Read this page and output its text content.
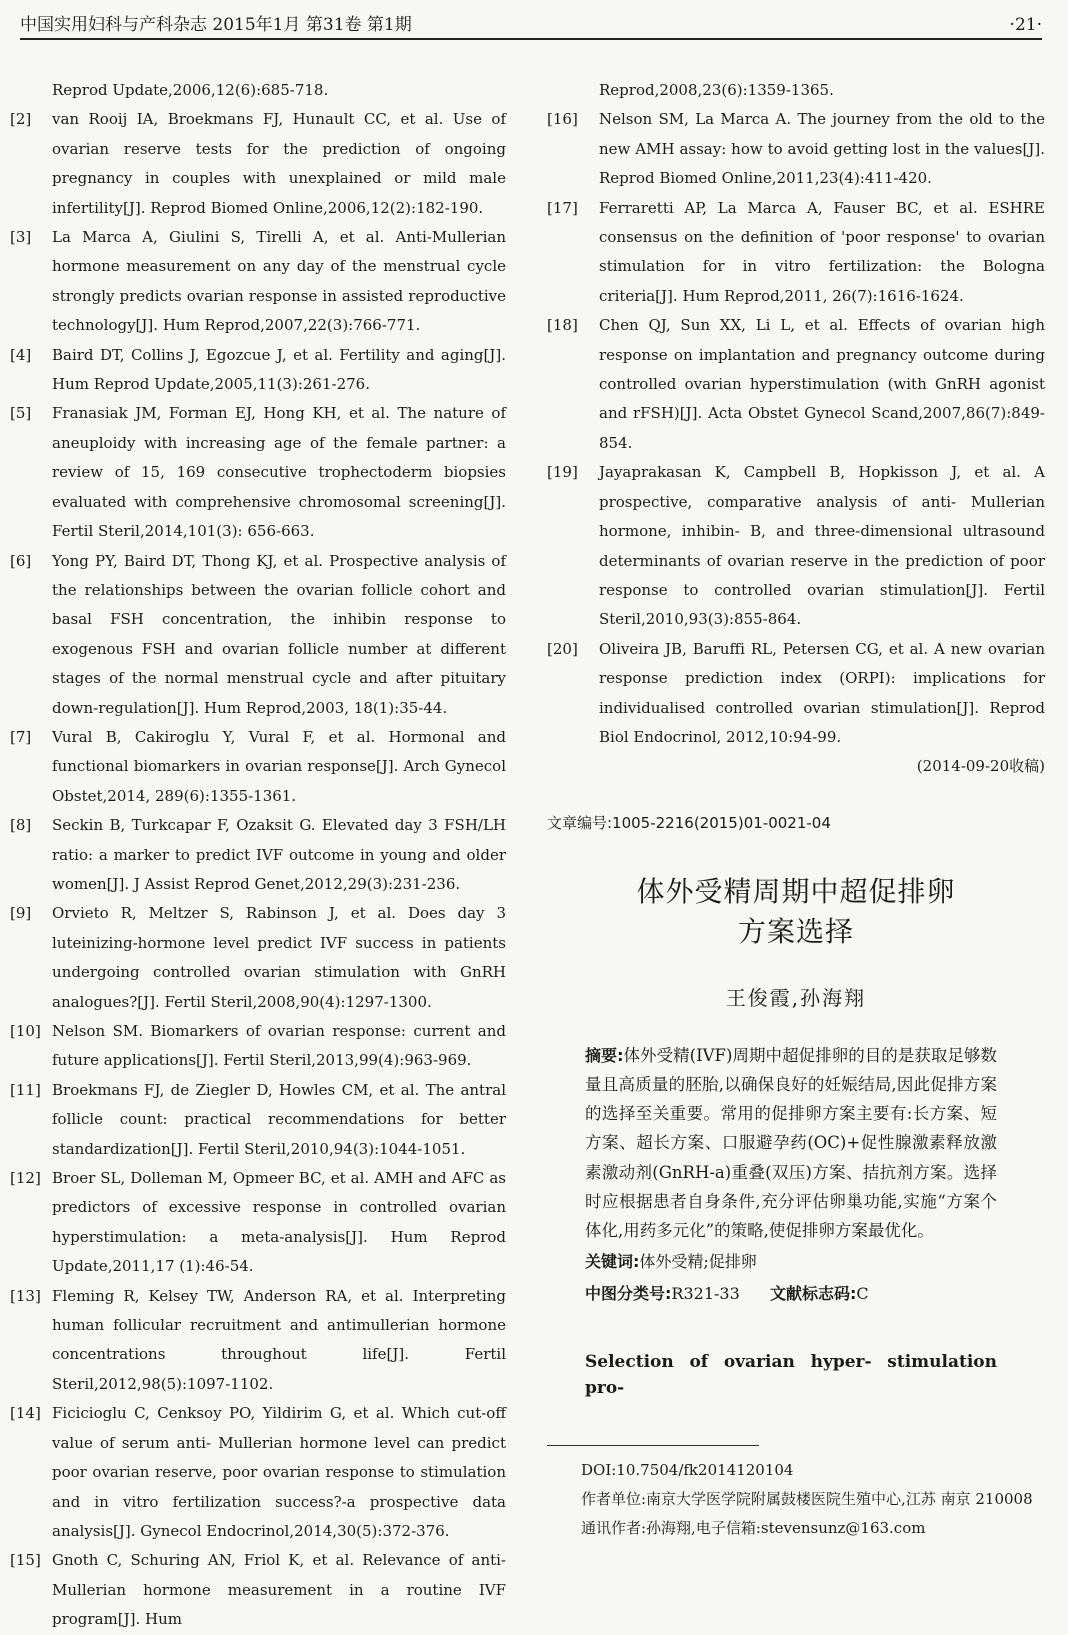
中国实用妇科与产科杂志 2015年1月 第31卷 第1期	·21·
Reprod Update,2006,12(6):685-718.
[2]	van Rooij IA, Broekmans FJ, Hunault CC, et al. Use of ovarian reserve tests for the prediction of ongoing pregnancy in couples with unexplained or mild male infertility[J]. Reprod Biomed Online,2006,12(2):182-190.
[3]	La Marca A, Giulini S, Tirelli A, et al. Anti-Mullerian hormone measurement on any day of the menstrual cycle strongly predicts ovarian response in assisted reproductive technology[J]. Hum Reprod,2007,22(3):766-771.
[4]	Baird DT, Collins J, Egozcue J, et al. Fertility and aging[J]. Hum Reprod Update,2005,11(3):261-276.
[5]	Franasiak JM, Forman EJ, Hong KH, et al. The nature of aneuploidy with increasing age of the female partner: a review of 15, 169 consecutive trophectoderm biopsies evaluated with comprehensive chromosomal screening[J]. Fertil Steril,2014,101(3): 656-663.
[6]	Yong PY, Baird DT, Thong KJ, et al. Prospective analysis of the relationships between the ovarian follicle cohort and basal FSH concentration, the inhibin response to exogenous FSH and ovarian follicle number at different stages of the normal menstrual cycle and after pituitary down-regulation[J]. Hum Reprod,2003, 18(1):35-44.
[7]	Vural B, Cakiroglu Y, Vural F, et al. Hormonal and functional biomarkers in ovarian response[J]. Arch Gynecol Obstet,2014, 289(6):1355-1361.
[8]	Seckin B, Turkcapar F, Ozaksit G. Elevated day 3 FSH/LH ratio: a marker to predict IVF outcome in young and older women[J]. J Assist Reprod Genet,2012,29(3):231-236.
[9]	Orvieto R, Meltzer S, Rabinson J, et al. Does day 3 luteinizing-hormone level predict IVF success in patients undergoing controlled ovarian stimulation with GnRH analogues?[J]. Fertil Steril,2008,90(4):1297-1300.
[10] Nelson SM. Biomarkers of ovarian response: current and future applications[J]. Fertil Steril,2013,99(4):963-969.
[11] Broekmans FJ, de Ziegler D, Howles CM, et al. The antral follicle count: practical recommendations for better standardization[J]. Fertil Steril,2010,94(3):1044-1051.
[12] Broer SL, Dolleman M, Opmeer BC, et al. AMH and AFC as predictors of excessive response in controlled ovarian hyperstimulation: a meta-analysis[J]. Hum Reprod Update,2011,17 (1):46-54.
[13] Fleming R, Kelsey TW, Anderson RA, et al. Interpreting human follicular recruitment and antimullerian hormone concentrations throughout life[J]. Fertil Steril,2012,98(5):1097-1102.
[14] Ficicioglu C, Cenksoy PO, Yildirim G, et al. Which cut-off value of serum anti- Mullerian hormone level can predict poor ovarian reserve, poor ovarian response to stimulation and in vitro fertilization success?-a prospective data analysis[J]. Gynecol Endocrinol,2014,30(5):372-376.
[15] Gnoth C, Schuring AN, Friol K, et al. Relevance of anti-Mullerian hormone measurement in a routine IVF program[J]. Hum
Reprod,2008,23(6):1359-1365.
[16]	Nelson SM, La Marca A. The journey from the old to the new AMH assay: how to avoid getting lost in the values[J]. Reprod Biomed Online,2011,23(4):411-420.
[17]	Ferraretti AP, La Marca A, Fauser BC, et al. ESHRE consensus on the definition of 'poor response' to ovarian stimulation for in vitro fertilization: the Bologna criteria[J]. Hum Reprod,2011, 26(7):1616-1624.
[18]	Chen QJ, Sun XX, Li L, et al. Effects of ovarian high response on implantation and pregnancy outcome during controlled ovarian hyperstimulation (with GnRH agonist and rFSH)[J]. Acta Obstet Gynecol Scand,2007,86(7):849-854.
[19]	Jayaprakasan K, Campbell B, Hopkisson J, et al. A prospective, comparative analysis of anti- Mullerian hormone, inhibin- B, and three-dimensional ultrasound determinants of ovarian reserve in the prediction of poor response to controlled ovarian stimulation[J]. Fertil Steril,2010,93(3):855-864.
[20]	Oliveira JB, Baruffi RL, Petersen CG, et al. A new ovarian response prediction index (ORPI): implications for individualised controlled ovarian stimulation[J]. Reprod Biol Endocrinol, 2012,10:94-99.
(2014-09-20收稿)
文章编号:1005-2216(2015)01-0021-04
体外受精周期中超促排卵
方案选择
王俊霞,孙海翔
摘要:体外受精(IVF)周期中超促排卵的目的是获取足够数量且高质量的胚胎,以确保良好的妊娠结局,因此促排方案的选择至关重要。常用的促排卵方案主要有:长方案、短方案、超长方案、口服避孕药(OC)+促性腺激素释放激素激动剂(GnRH-a)重叠(双压)方案、拮抗剂方案。选择时应根据患者自身条件,充分评估卵巢功能,实施“方案个体化,用药多元化”的策略,使促排卵方案最优化。
关键词:体外受精;促排卵
中图分类号:R321-33 文献标志码:C
Selection of ovarian hyper- stimulation pro-
DOI:10.7504/fk2014120104
作者单位:南京大学医学院附属鼓楼医院生殖中心,江苏 南京 210008
通讯作者:孙海翔,电子信箱:stevensunz@163.com
